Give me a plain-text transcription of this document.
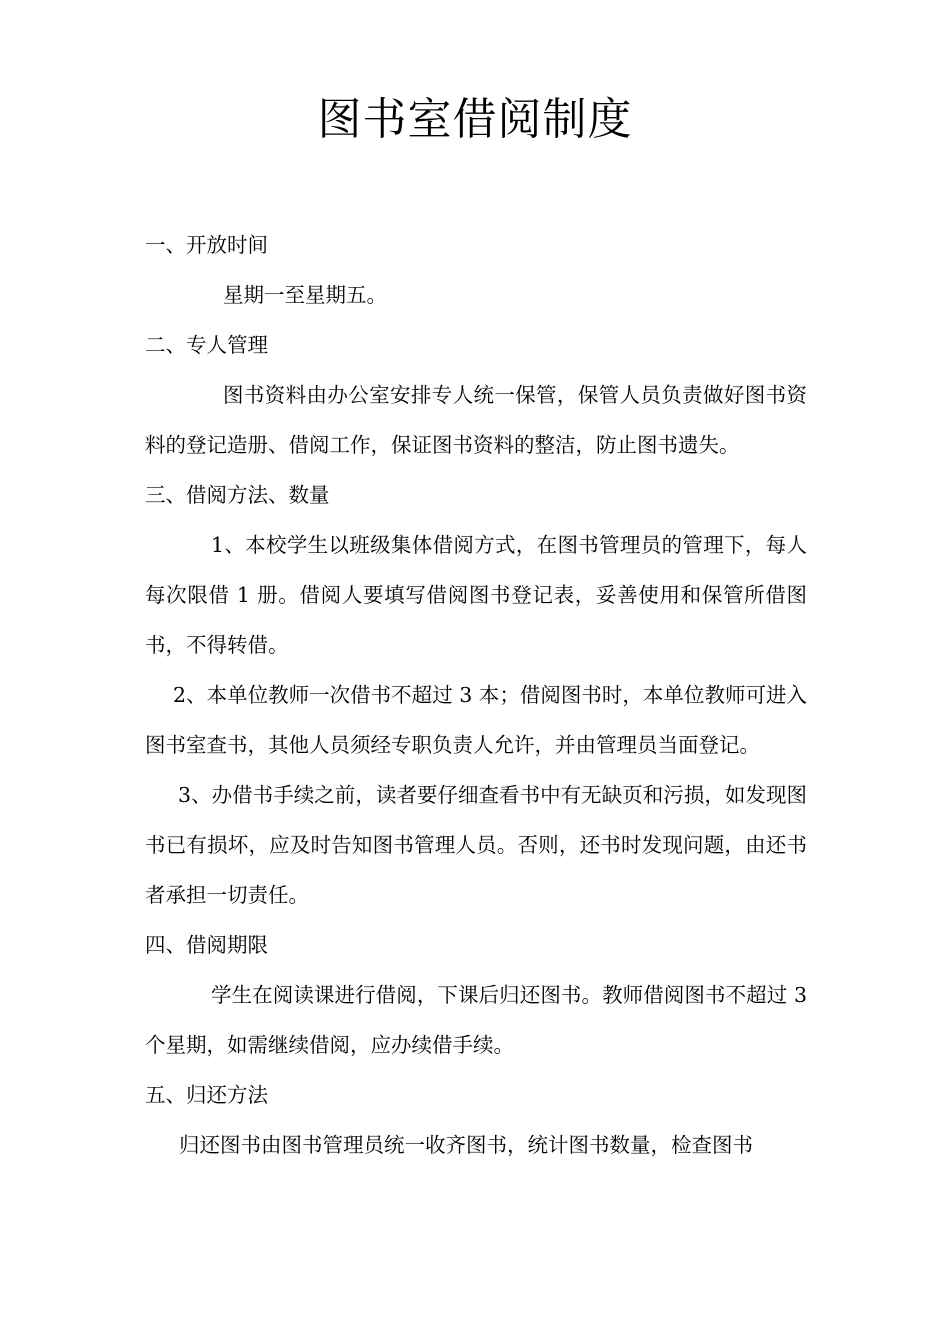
图书室借阅制度

一、开放时间

星期一至星期五。

二、专人管理

图书资料由办公室安排专人统一保管，保管人员负责做好图书资料的登记造册、借阅工作，保证图书资料的整洁，防止图书遗失。

三、借阅方法、数量

1、本校学生以班级集体借阅方式，在图书管理员的管理下，每人每次限借 1 册。借阅人要填写借阅图书登记表，妥善使用和保管所借图书，不得转借。

2、本单位教师一次借书不超过 3 本；借阅图书时，本单位教师可进入图书室查书，其他人员须经专职负责人允许，并由管理员当面登记。

3、办借书手续之前，读者要仔细查看书中有无缺页和污损，如发现图书已有损坏，应及时告知图书管理人员。否则，还书时发现问题，由还书者承担一切责任。

四、借阅期限

学生在阅读课进行借阅，下课后归还图书。教师借阅图书不超过 3 个星期，如需继续借阅，应办续借手续。

五、归还方法

归还图书由图书管理员统一收齐图书，统计图书数量，检查图书
